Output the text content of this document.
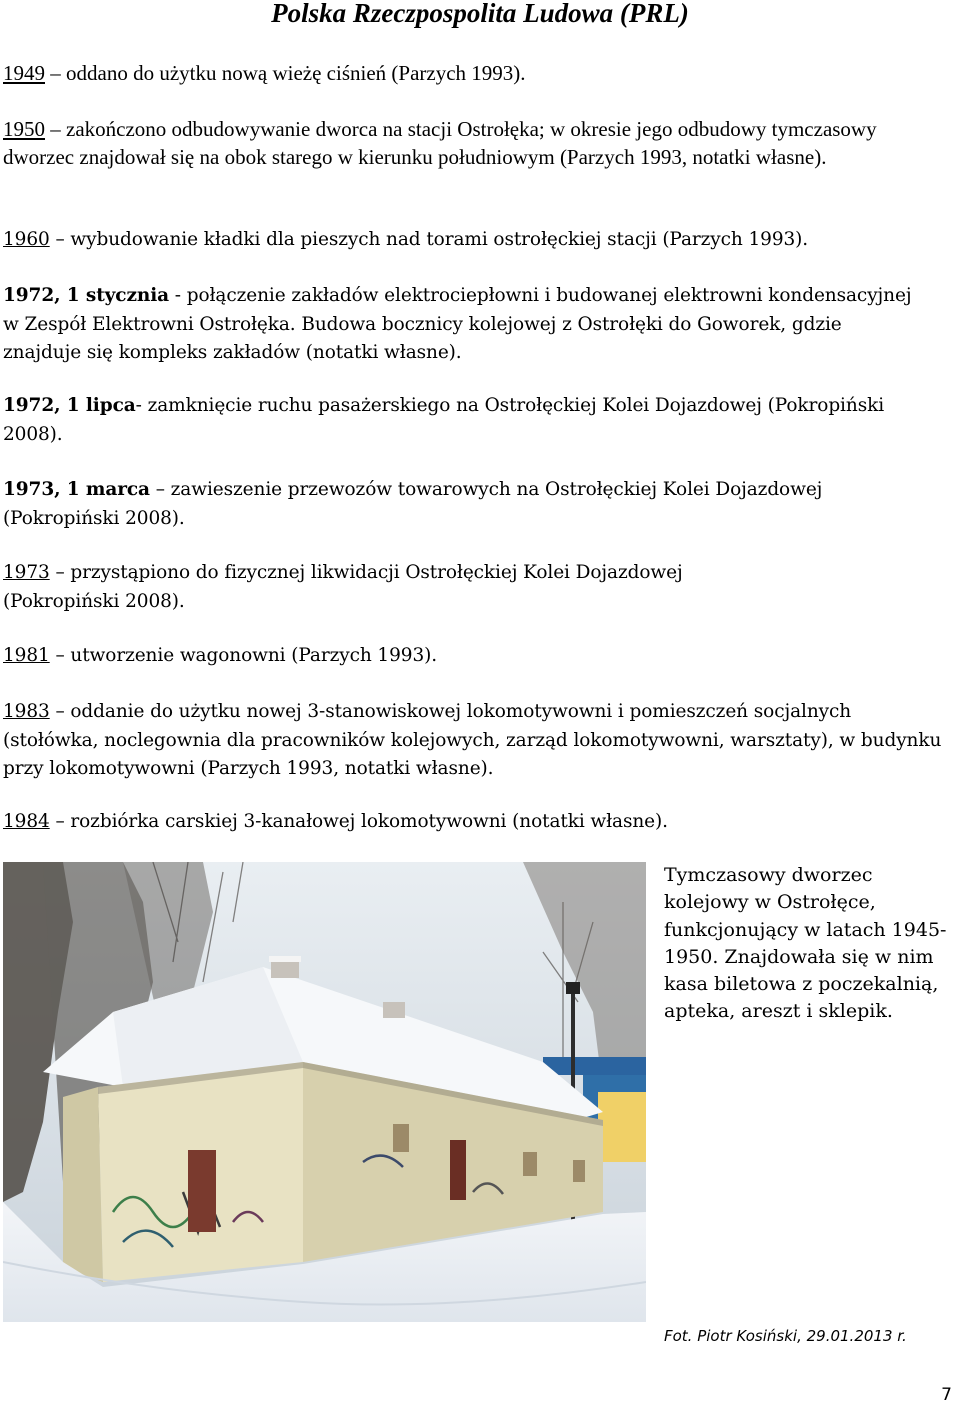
Polska Rzeczpospolita Ludowa (PRL)

1949 – oddano do użytku nową wieżę ciśnień (Parzych 1993).

1950 – zakończono odbudowywanie dworca na stacji Ostrołęka; w okresie jego odbudowy tymczasowy dworzec znajdował się na obok starego w kierunku południowym (Parzych 1993, notatki własne).

1960 – wybudowanie kładki dla pieszych nad torami ostrołęckiej stacji (Parzych 1993).

1972, 1 stycznia - połączenie zakładów elektrociepłowni i budowanej elektrowni kondensacyjnej w Zespół Elektrowni Ostrołęka. Budowa bocznicy kolejowej z Ostrołęki do Goworek, gdzie znajduje się kompleks zakładów (notatki własne).

1972, 1 lipca- zamknięcie ruchu pasażerskiego na Ostrołęckiej Kolei Dojazdowej (Pokropiński 2008).

1973, 1 marca – zawieszenie przewozów towarowych na Ostrołęckiej Kolei Dojazdowej (Pokropiński 2008).

1973 – przystąpiono do fizycznej likwidacji Ostrołęckiej Kolei Dojazdowej (Pokropiński 2008).

1981 – utworzenie wagonowni (Parzych 1993).

1983 – oddanie do użytku nowej 3-stanowiskowej lokomotywowni i pomieszczeń socjalnych (stołówka, noclegownia dla pracowników kolejowych, zarząd lokomotywowni, warsztaty), w budynku przy lokomotywowni (Parzych 1993, notatki własne).

1984 – rozbiórka carskiej 3-kanałowej lokomotywowni (notatki własne).

Tymczasowy dworzec kolejowy w Ostrołęce, funkcjonujący w latach 1945-1950. Znajdowała się w nim kasa biletowa z poczekalnią, apteka, areszt i sklepik.

Fot. Piotr Kosiński, 29.01.2013 r.
7
